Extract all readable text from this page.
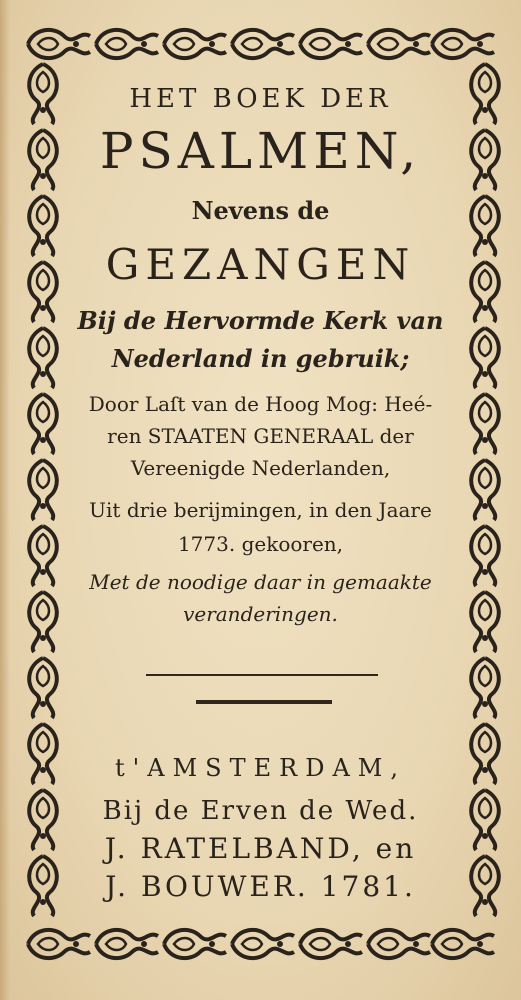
HET BOEK DER
PSALMEN,
Nevens de
GEZANGEN
Bij de Hervormde Kerk van
Nederland in gebruik;
Door Laſt van de Hoog Mog: Heé-
ren STAATEN GENERAAL der
Vereenigde Nederlanden,
Uit drie berijmingen, in den Jaare
1773. gekooren,
Met de noodige daar in gemaakte
veranderingen.
t'AMSTERDAM,
Bij de Erven de Wed.
J. RATELBAND, en
J. BOUWER. 1781.
